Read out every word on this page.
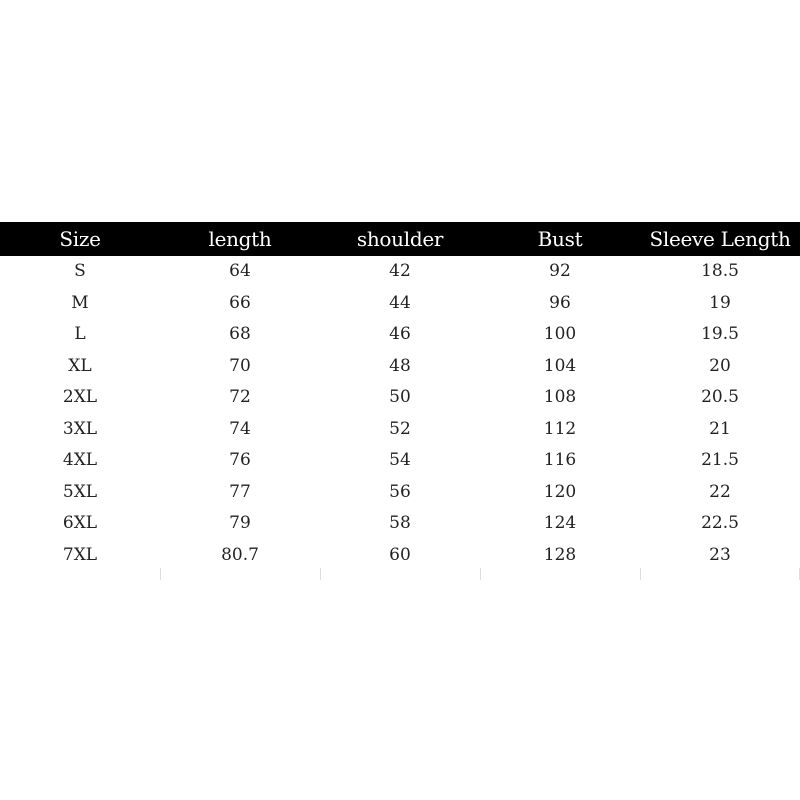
Size	length	shoulder	Bust	Sleeve Length
S	64	42	92	18.5
M	66	44	96	19
L	68	46	100	19.5
XL	70	48	104	20
2XL	72	50	108	20.5
3XL	74	52	112	21
4XL	76	54	116	21.5
5XL	77	56	120	22
6XL	79	58	124	22.5
7XL	80.7	60	128	23
